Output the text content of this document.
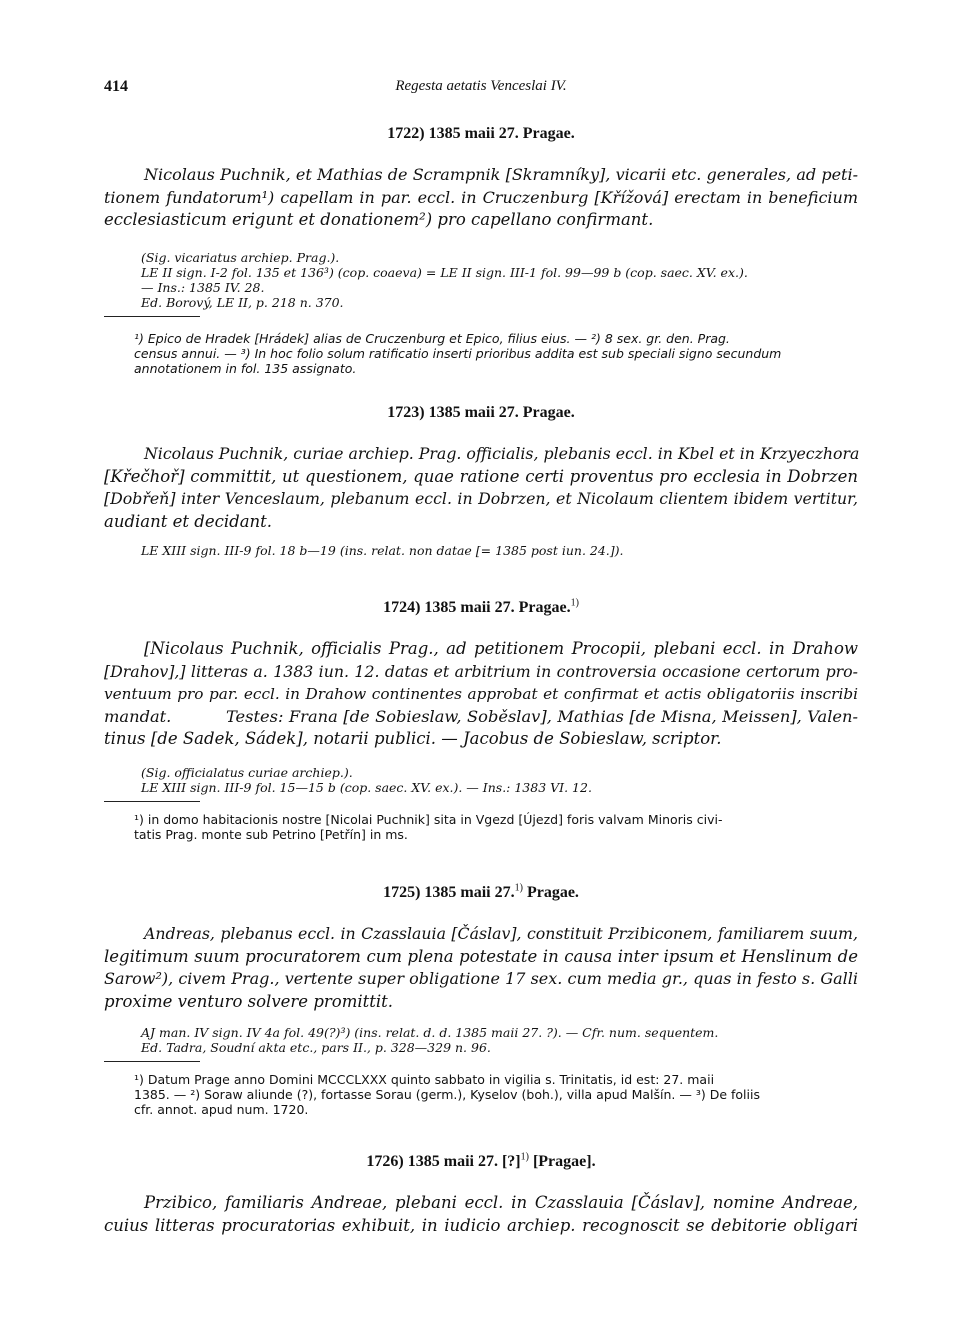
414	Regesta aetatis Venceslai IV.
1722) 1385 maii 27. Pragae.
Nicolaus Puchnik, et Mathias de Scrampnik [Skramníky], vicarii etc. generales, ad peti-
tionem fundatorum¹) capellam in par. eccl. in Cruczenburg [Křížová] erectam in beneficium
ecclesiasticum erigunt et donationem²) pro capellano confirmant.
(Sig. vicariatus archiep. Prag.).
LE II sign. I-2 fol. 135 et 136³) (cop. coaeva) = LE II sign. III-1 fol. 99—99 b (cop. saec. XV. ex.).
— Ins.: 1385 IV. 28.
Ed. Borový, LE II, p. 218 n. 370.
¹) Epico de Hradek [Hrádek] alias de Cruczenburg et Epico, filius eius. — ²) 8 sex. gr. den. Prag.
census annui. — ³) In hoc folio solum ratificatio inserti prioribus addita est sub speciali signo secundum
annotationem in fol. 135 assignato.
1723) 1385 maii 27. Pragae.
Nicolaus Puchnik, curiae archiep. Prag. officialis, plebanis eccl. in Kbel et in Krzyeczhora
[Křečhoř] committit, ut questionem, quae ratione certi proventus pro ecclesia in Dobrzen
[Dobřeň] inter Venceslaum, plebanum eccl. in Dobrzen, et Nicolaum clientem ibidem vertitur,
audiant et decidant.
LE XIII sign. III-9 fol. 18 b—19 (ins. relat. non datae [= 1385 post iun. 24.]).
1724) 1385 maii 27. Pragae.$^{1)}$
[Nicolaus Puchnik, officialis Prag., ad petitionem Procopii, plebani eccl. in Drahow
[Drahov],] litteras a. 1383 iun. 12. datas et arbitrium in controversia occasione certorum pro-
ventuum pro par. eccl. in Drahow continentes approbat et confirmat et actis obligatoriis inscribi
mandat.          Testes: Frana [de Sobieslaw, Soběslav], Mathias [de Misna, Meissen], Valen-
tinus [de Sadek, Sádek], notarii publici. — Jacobus de Sobieslaw, scriptor.
(Sig. officialatus curiae archiep.).
LE XIII sign. III-9 fol. 15—15 b (cop. saec. XV. ex.). — Ins.: 1383 VI. 12.
¹) in domo habitacionis nostre [Nicolai Puchnik] sita in Vgezd [Újezd] foris valvam Minoris civi-
tatis Prag. monte sub Petrino [Petřín] in ms.
1725) 1385 maii 27.$^{1)}$ Pragae.
Andreas, plebanus eccl. in Czasslauia [Čáslav], constituit Przibiconem, familiarem suum,
legitimum suum procuratorem cum plena potestate in causa inter ipsum et Henslinum de
Sarow²), civem Prag., vertente super obligatione 17 sex. cum media gr., quas in festo s. Galli
proxime venturo solvere promittit.
AJ man. IV sign. IV 4a fol. 49(?)³) (ins. relat. d. d. 1385 maii 27. ?). — Cfr. num. sequentem.
Ed. Tadra, Soudní akta etc., pars II., p. 328—329 n. 96.
¹) Datum Prage anno Domini MCCCLXXX quinto sabbato in vigilia s. Trinitatis, id est: 27. maii
1385. — ²) Soraw aliunde (?), fortasse Sorau (germ.), Kyselov (boh.), villa apud Malšín. — ³) De foliis
cfr. annot. apud num. 1720.
1726) 1385 maii 27. [?]$^{1)}$ [Pragae].
Przibico, familiaris Andreae, plebani eccl. in Czasslauia [Čáslav], nomine Andreae,
cuius litteras procuratorias exhibuit, in iudicio archiep. recognoscit se debitorie obligari
